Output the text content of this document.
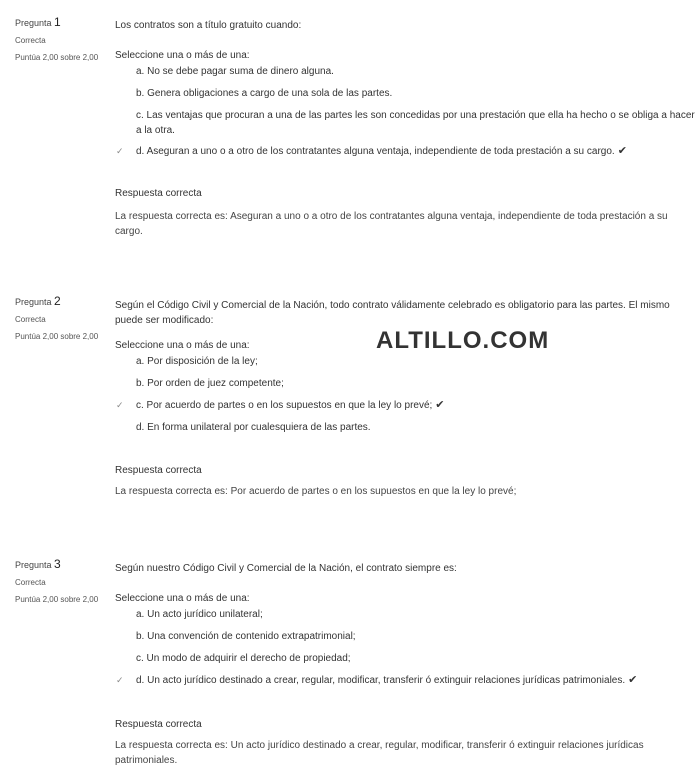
ALTILLO.COM
Pregunta 1
Correcta
Puntúa 2,00 sobre 2,00
Los contratos son a título gratuito cuando:
Seleccione una o más de una:
a. No se debe pagar suma de dinero alguna.
b. Genera obligaciones a cargo de una sola de las partes.
c. Las ventajas que procuran a una de las partes les son concedidas por una prestación que ella ha hecho o se obliga a hacer a la otra.
✓ d. Aseguran a uno o a otro de los contratantes alguna ventaja, independiente de toda prestación a su cargo. ✔
Respuesta correcta
La respuesta correcta es: Aseguran a uno o a otro de los contratantes alguna ventaja, independiente de toda prestación a su cargo.
Pregunta 2
Correcta
Puntúa 2,00 sobre 2,00
Según el Código Civil y Comercial de la Nación, todo contrato válidamente celebrado es obligatorio para las partes. El mismo puede ser modificado:
Seleccione una o más de una:
a. Por disposición de la ley;
b. Por orden de juez competente;
✓ c. Por acuerdo de partes o en los supuestos en que la ley lo prevé; ✔
d. En forma unilateral por cualesquiera de las partes.
Respuesta correcta
La respuesta correcta es: Por acuerdo de partes o en los supuestos en que la ley lo prevé;
Pregunta 3
Correcta
Puntúa 2,00 sobre 2,00
Según nuestro Código Civil y Comercial de la Nación, el contrato siempre es:
Seleccione una o más de una:
a. Un acto jurídico unilateral;
b. Una convención de contenido extrapatrimonial;
c. Un modo de adquirir el derecho de propiedad;
✓ d. Un acto jurídico destinado a crear, regular, modificar, transferir ó extinguir relaciones jurídicas patrimoniales. ✔
Respuesta correcta
La respuesta correcta es: Un acto jurídico destinado a crear, regular, modificar, transferir ó extinguir relaciones jurídicas patrimoniales.
